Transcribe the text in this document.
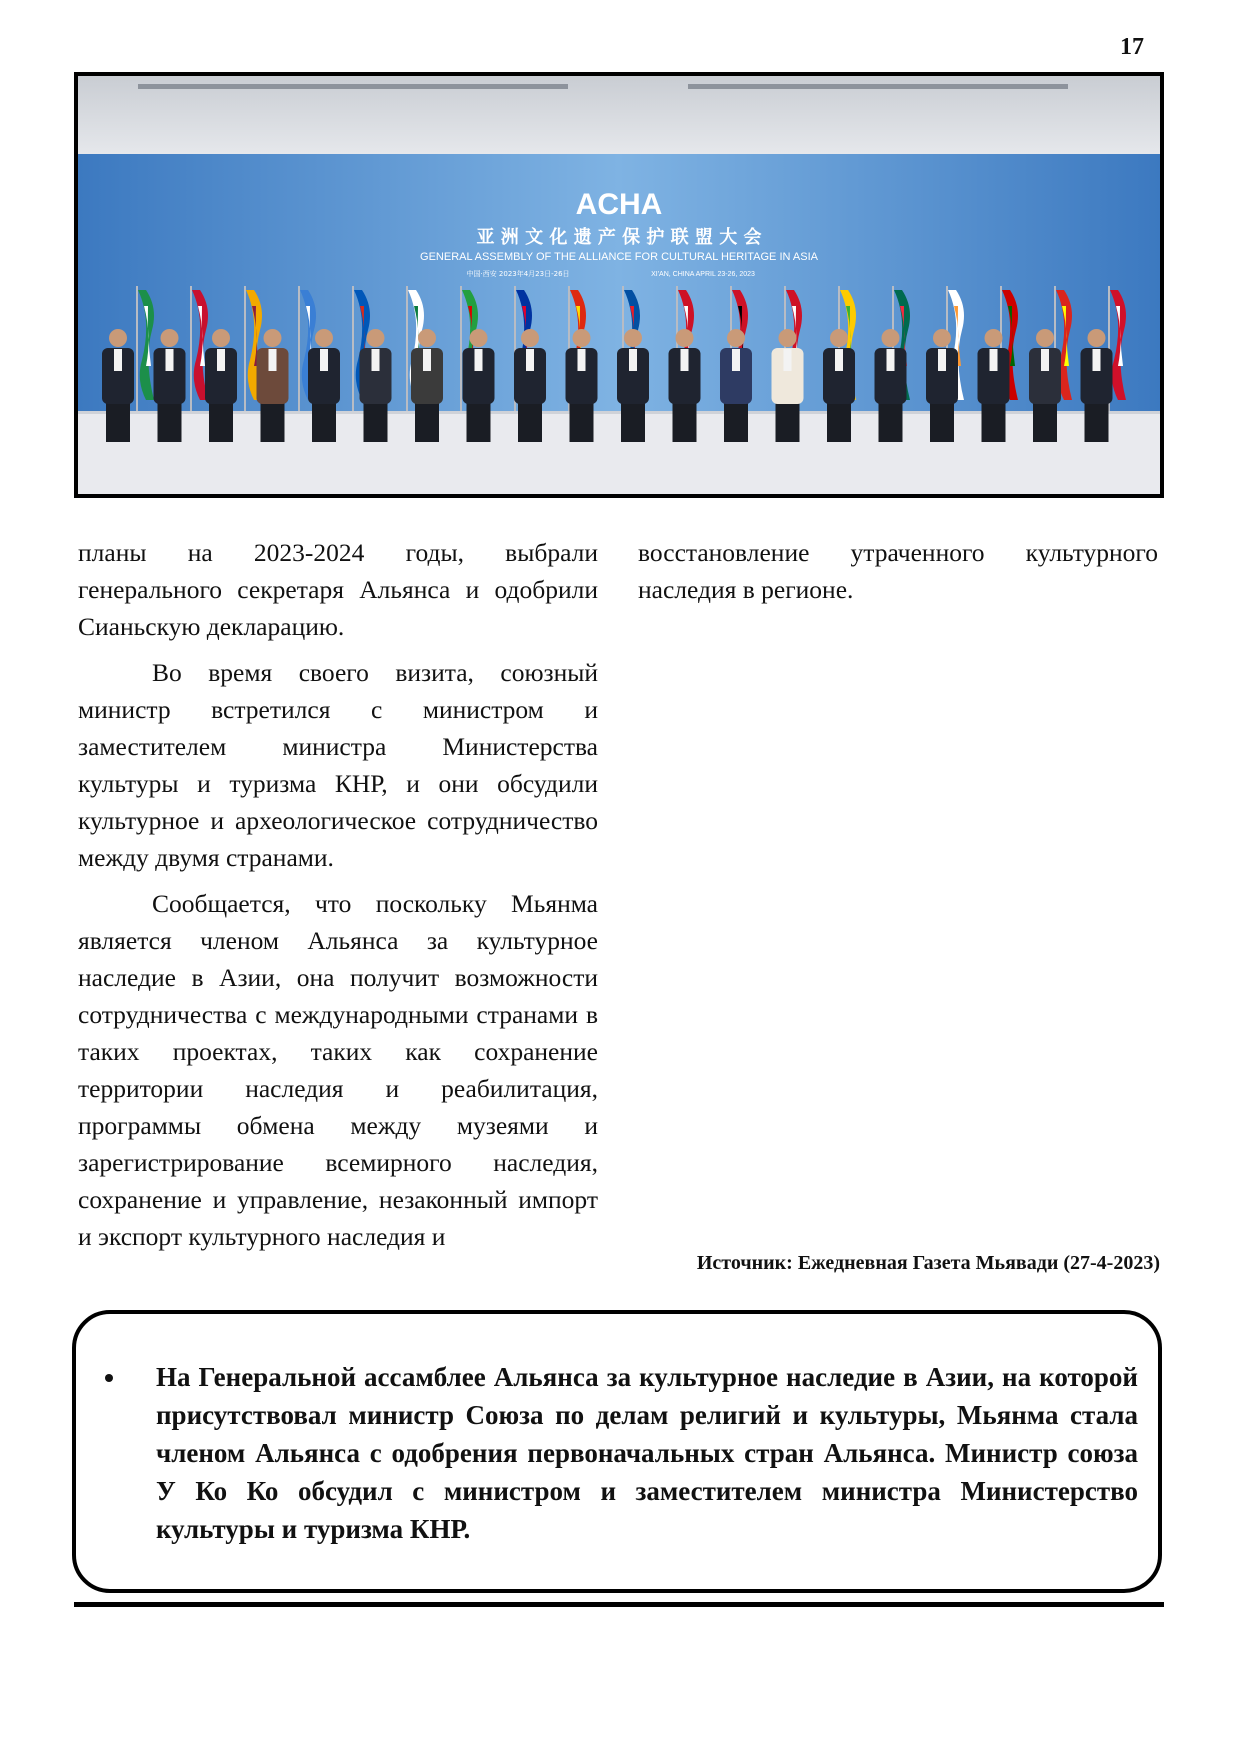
17
ACHA
亚 洲 文 化 遗 产 保 护 联 盟 大 会
GENERAL ASSEMBLY OF THE ALLIANCE FOR CULTURAL HERITAGE IN ASIA
中国·西安 2023年4月23日-26日	XI'AN, CHINA APRIL 23-26, 2023

планы на 2023-2024 годы, выбрали генерального секретаря Альянса и одобрили Сианьскую декларацию.

Во время своего визита, союзный министр встретился с министром и заместителем министра Министерства культуры и туризма КНР, и они обсудили культурное и археологическое сотрудничество между двумя странами.

Сообщается, что поскольку Мьянма является членом Альянса за культурное наследие в Азии, она получит возможности сотрудничества с международными странами в таких проектах, таких как сохранение территории наследия и реабилитация, программы обмена между музеями и зарегистрирование всемирного наследия, сохранение и управление, незаконный импорт и экспорт культурного наследия и

восстановление утраченного культурного наследия в регионе.

Источник: Ежедневная Газета Мьявади (27-4-2023)
• На Генеральной ассамблее Альянса за культурное наследие в Азии, на которой присутствовал министр Союза по делам религий и культуры, Мьянма стала членом Альянса с одобрения первоначальных стран Альянса. Министр союза У Ко Ко обсудил с министром и заместителем министра Министерство культуры и туризма КНР.
